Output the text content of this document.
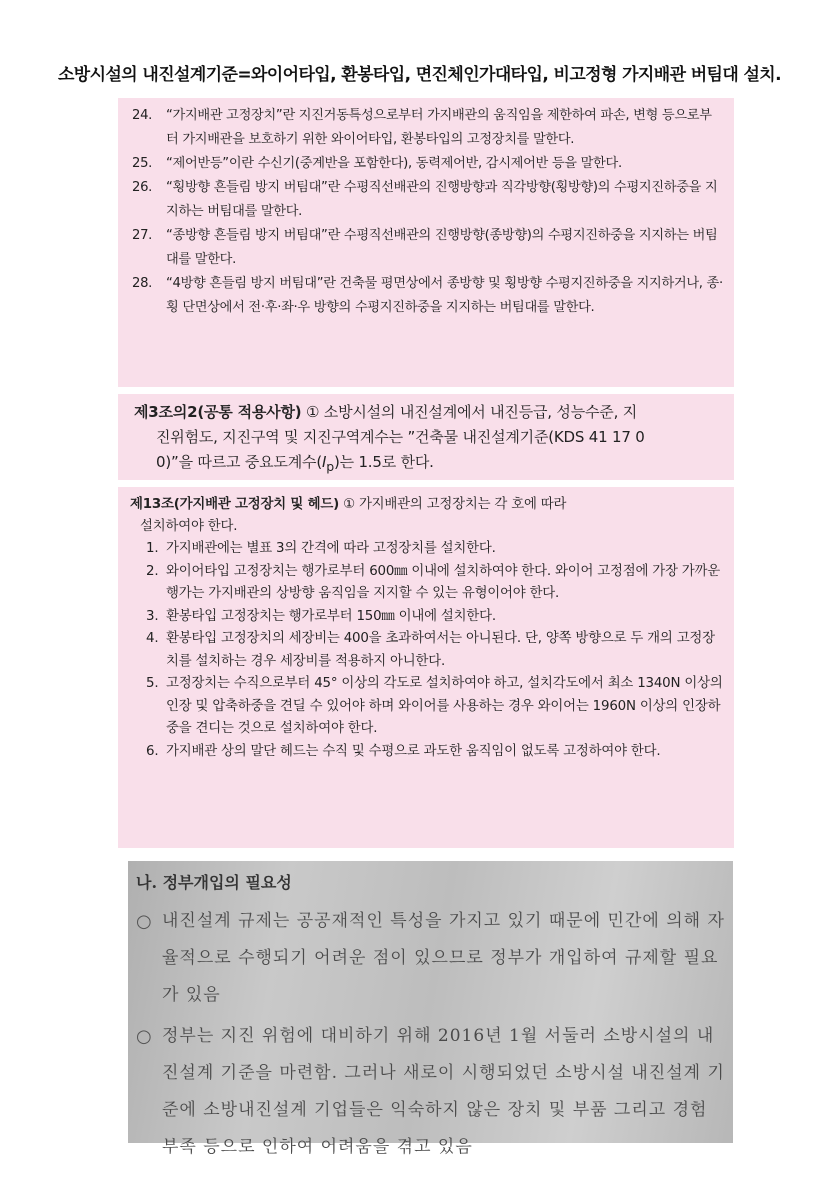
소방시설의 내진설계기준=와이어타입, 환봉타입, 면진체인가대타입, 비고정형 가지배관 버팀대 설치.
24.	“가지배관 고정장치”란 지진거동특성으로부터 가지배관의 움직임을 제한하여 파손, 변형 등으로부터 가지배관을 보호하기 위한 와이어타입, 환봉타입의 고정장치를 말한다.
25.	“제어반등”이란 수신기(중계반을 포함한다), 동력제어반, 감시제어반 등을 말한다.
26.	“횡방향 흔들림 방지 버팀대”란 수평직선배관의 진행방향과 직각방향(횡방향)의 수평지진하중을 지지하는 버팀대를 말한다.
27.	“종방향 흔들림 방지 버팀대”란 수평직선배관의 진행방향(종방향)의 수평지진하중을 지지하는 버팀대를 말한다.
28.	“4방향 흔들림 방지 버팀대”란 건축물 평면상에서 종방향 및 횡방향 수평지진하중을 지지하거나, 종·횡 단면상에서 전·후·좌·우 방향의 수평지진하중을 지지하는 버팀대를 말한다.
제3조의2(공통 적용사항) ① 소방시설의 내진설계에서 내진등급, 성능수준, 지
진위험도, 지진구역 및 지진구역계수는 ”건축물 내진설계기준(KDS 41 17 0
0)”을 따르고 중요도계수$(I_p)$는 1.5로 한다.
제13조(가지배관 고정장치 및 헤드) ① 가지배관의 고정장치는 각 호에 따라
설치하여야 한다.
1. 가지배관에는 별표 3의 간격에 따라 고정장치를 설치한다.
2. 와이어타입 고정장치는 행가로부터 600㎜ 이내에 설치하여야 한다. 와이어 고정점에 가장 가까운 행가는 가지배관의 상방향 움직임을 지지할 수 있는 유형이어야 한다.
3. 환봉타입 고정장치는 행가로부터 150㎜ 이내에 설치한다.
4. 환봉타입 고정장치의 세장비는 400을 초과하여서는 아니된다. 단, 양쪽 방향으로 두 개의 고정장치를 설치하는 경우 세장비를 적용하지 아니한다.
5. 고정장치는 수직으로부터 45° 이상의 각도로 설치하여야 하고, 설치각도에서 최소 1340N 이상의 인장 및 압축하중을 견딜 수 있어야 하며 와이어를 사용하는 경우 와이어는 1960N 이상의 인장하중을 견디는 것으로 설치하여야 한다.
6. 가지배관 상의 말단 헤드는 수직 및 수평으로 과도한 움직임이 없도록 고정하여야 한다.
나. 정부개입의 필요성
○ 내진설계 규제는 공공재적인 특성을 가지고 있기 때문에 민간에 의해 자율적으로 수행되기 어려운 점이 있으므로 정부가 개입하여 규제할 필요가 있음
○ 정부는 지진 위험에 대비하기 위해 2016년 1월 서둘러 소방시설의 내진설계 기준을 마련함. 그러나 새로이 시행되었던 소방시설 내진설계 기준에 소방내진설계 기업들은 익숙하지 않은 장치 및 부품 그리고 경험 부족 등으로 인하여 어려움을 겪고 있음
